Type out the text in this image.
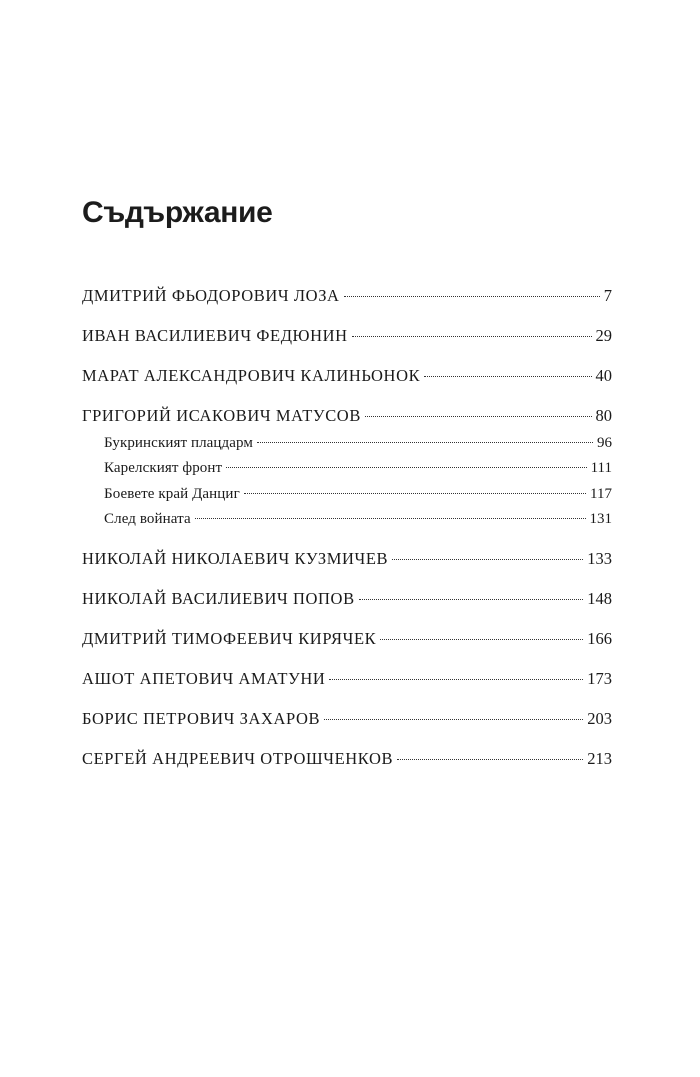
Съдържание
ДМИТРИЙ ФЬОДОРОВИЧ ЛОЗА	7
ИВАН ВАСИЛИЕВИЧ ФЕДЮНИН	29
МАРАТ АЛЕКСАНДРОВИЧ КАЛИНЬОНОК	40
ГРИГОРИЙ ИСАКОВИЧ МАТУСОВ	80
Букринският плацдарм	96
Карелският фронт	111
Боевете край Данциг	117
След войната	131
НИКОЛАЙ НИКОЛАЕВИЧ КУЗМИЧЕВ	133
НИКОЛАЙ ВАСИЛИЕВИЧ ПОПОВ	148
ДМИТРИЙ ТИМОФЕЕВИЧ КИРЯЧЕК	166
АШОТ АПЕТОВИЧ АМАТУНИ	173
БОРИС ПЕТРОВИЧ ЗАХАРОВ	203
СЕРГЕЙ АНДРЕЕВИЧ ОТРОШЧЕНКОВ	213
